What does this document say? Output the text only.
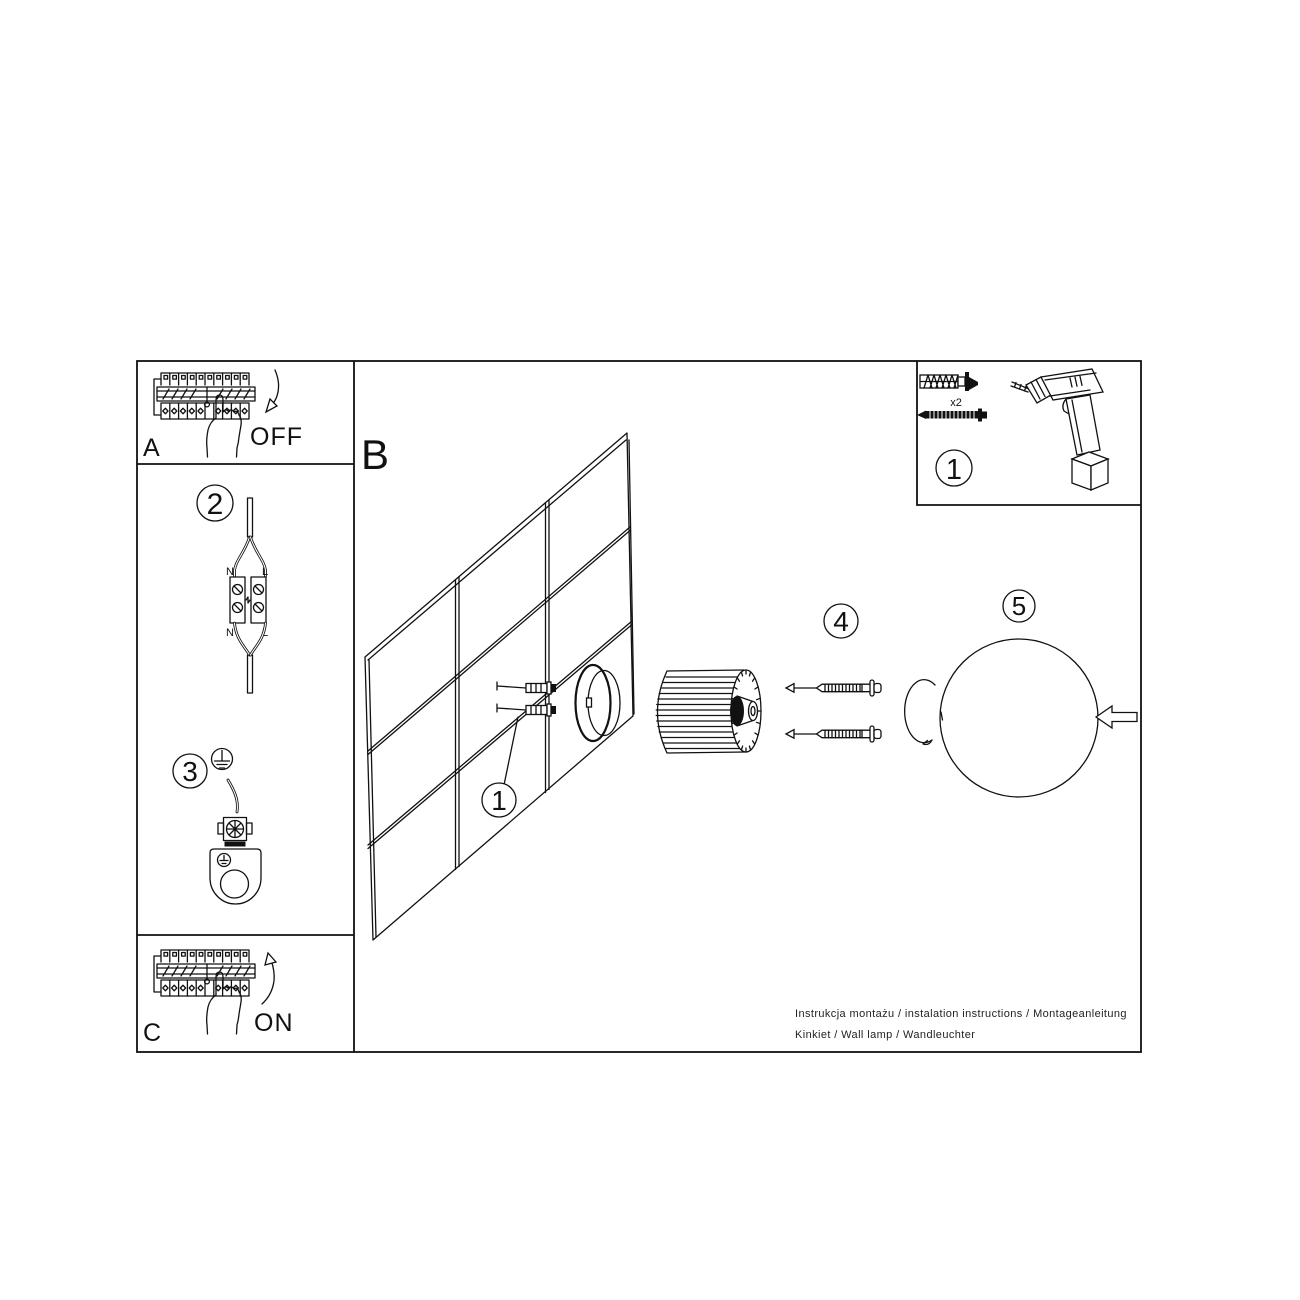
A	OFF
C	ON
2
N	L
N	L
3
B
1
4	5
x2
1
Instrukcja montażu / instalation instructions / Montageanleitung
Kinkiet / Wall lamp / Wandleuchter
